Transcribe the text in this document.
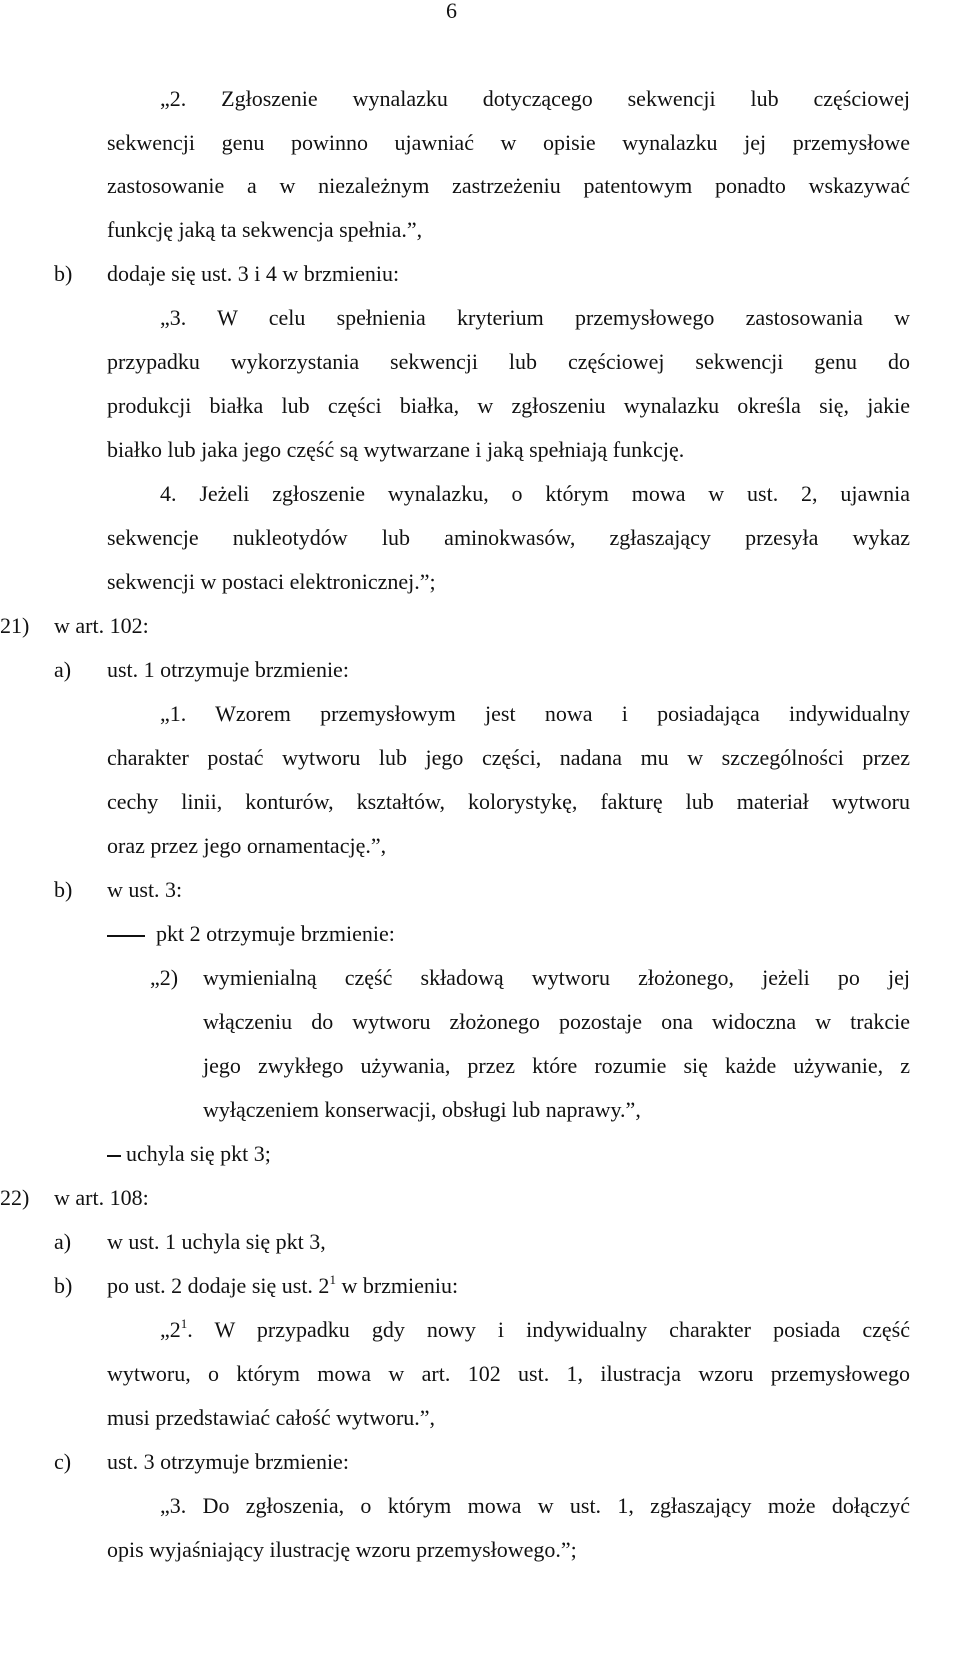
6
„2. Zgłoszenie wynalazku dotyczącego sekwencji lub częściowej
sekwencji genu powinno ujawniać w opisie wynalazku jej przemysłowe
zastosowanie a w niezależnym zastrzeżeniu patentowym ponadto wskazywać
funkcję jaką ta sekwencja spełnia.”,
b) dodaje się ust. 3 i 4 w brzmieniu:
„3. W celu spełnienia kryterium przemysłowego zastosowania w
przypadku wykorzystania sekwencji lub częściowej sekwencji genu do
produkcji białka lub części białka, w zgłoszeniu wynalazku określa się, jakie
białko lub jaka jego część są wytwarzane i jaką spełniają funkcję.
4. Jeżeli zgłoszenie wynalazku, o którym mowa w ust. 2, ujawnia
sekwencje nukleotydów lub aminokwasów, zgłaszający przesyła wykaz
sekwencji w postaci elektronicznej.”;
21) w art. 102:
a) ust. 1 otrzymuje brzmienie:
„1. Wzorem przemysłowym jest nowa i posiadająca indywidualny
charakter postać wytworu lub jego części, nadana mu w szczególności przez
cechy linii, konturów, kształtów, kolorystykę, fakturę lub materiał wytworu
oraz przez jego ornamentację.”,
b) w ust. 3:
pkt 2 otrzymuje brzmienie:
„2) wymienialną część składową wytworu złożonego, jeżeli po jej
włączeniu do wytworu złożonego pozostaje ona widoczna w trakcie
jego zwykłego używania, przez które rozumie się każde używanie, z
wyłączeniem konserwacji, obsługi lub naprawy.”,
uchyla się pkt 3;
22) w art. 108:
a) w ust. 1 uchyla się pkt 3,
b) po ust. 2 dodaje się ust. $2^1$ w brzmieniu:
$„2^1$. W przypadku gdy nowy i indywidualny charakter posiada część
wytworu, o którym mowa w art. 102 ust. 1, ilustracja wzoru przemysłowego
musi przedstawiać całość wytworu.”,
c) ust. 3 otrzymuje brzmienie:
„3. Do zgłoszenia, o którym mowa w ust. 1, zgłaszający może dołączyć
opis wyjaśniający ilustrację wzoru przemysłowego.”;
